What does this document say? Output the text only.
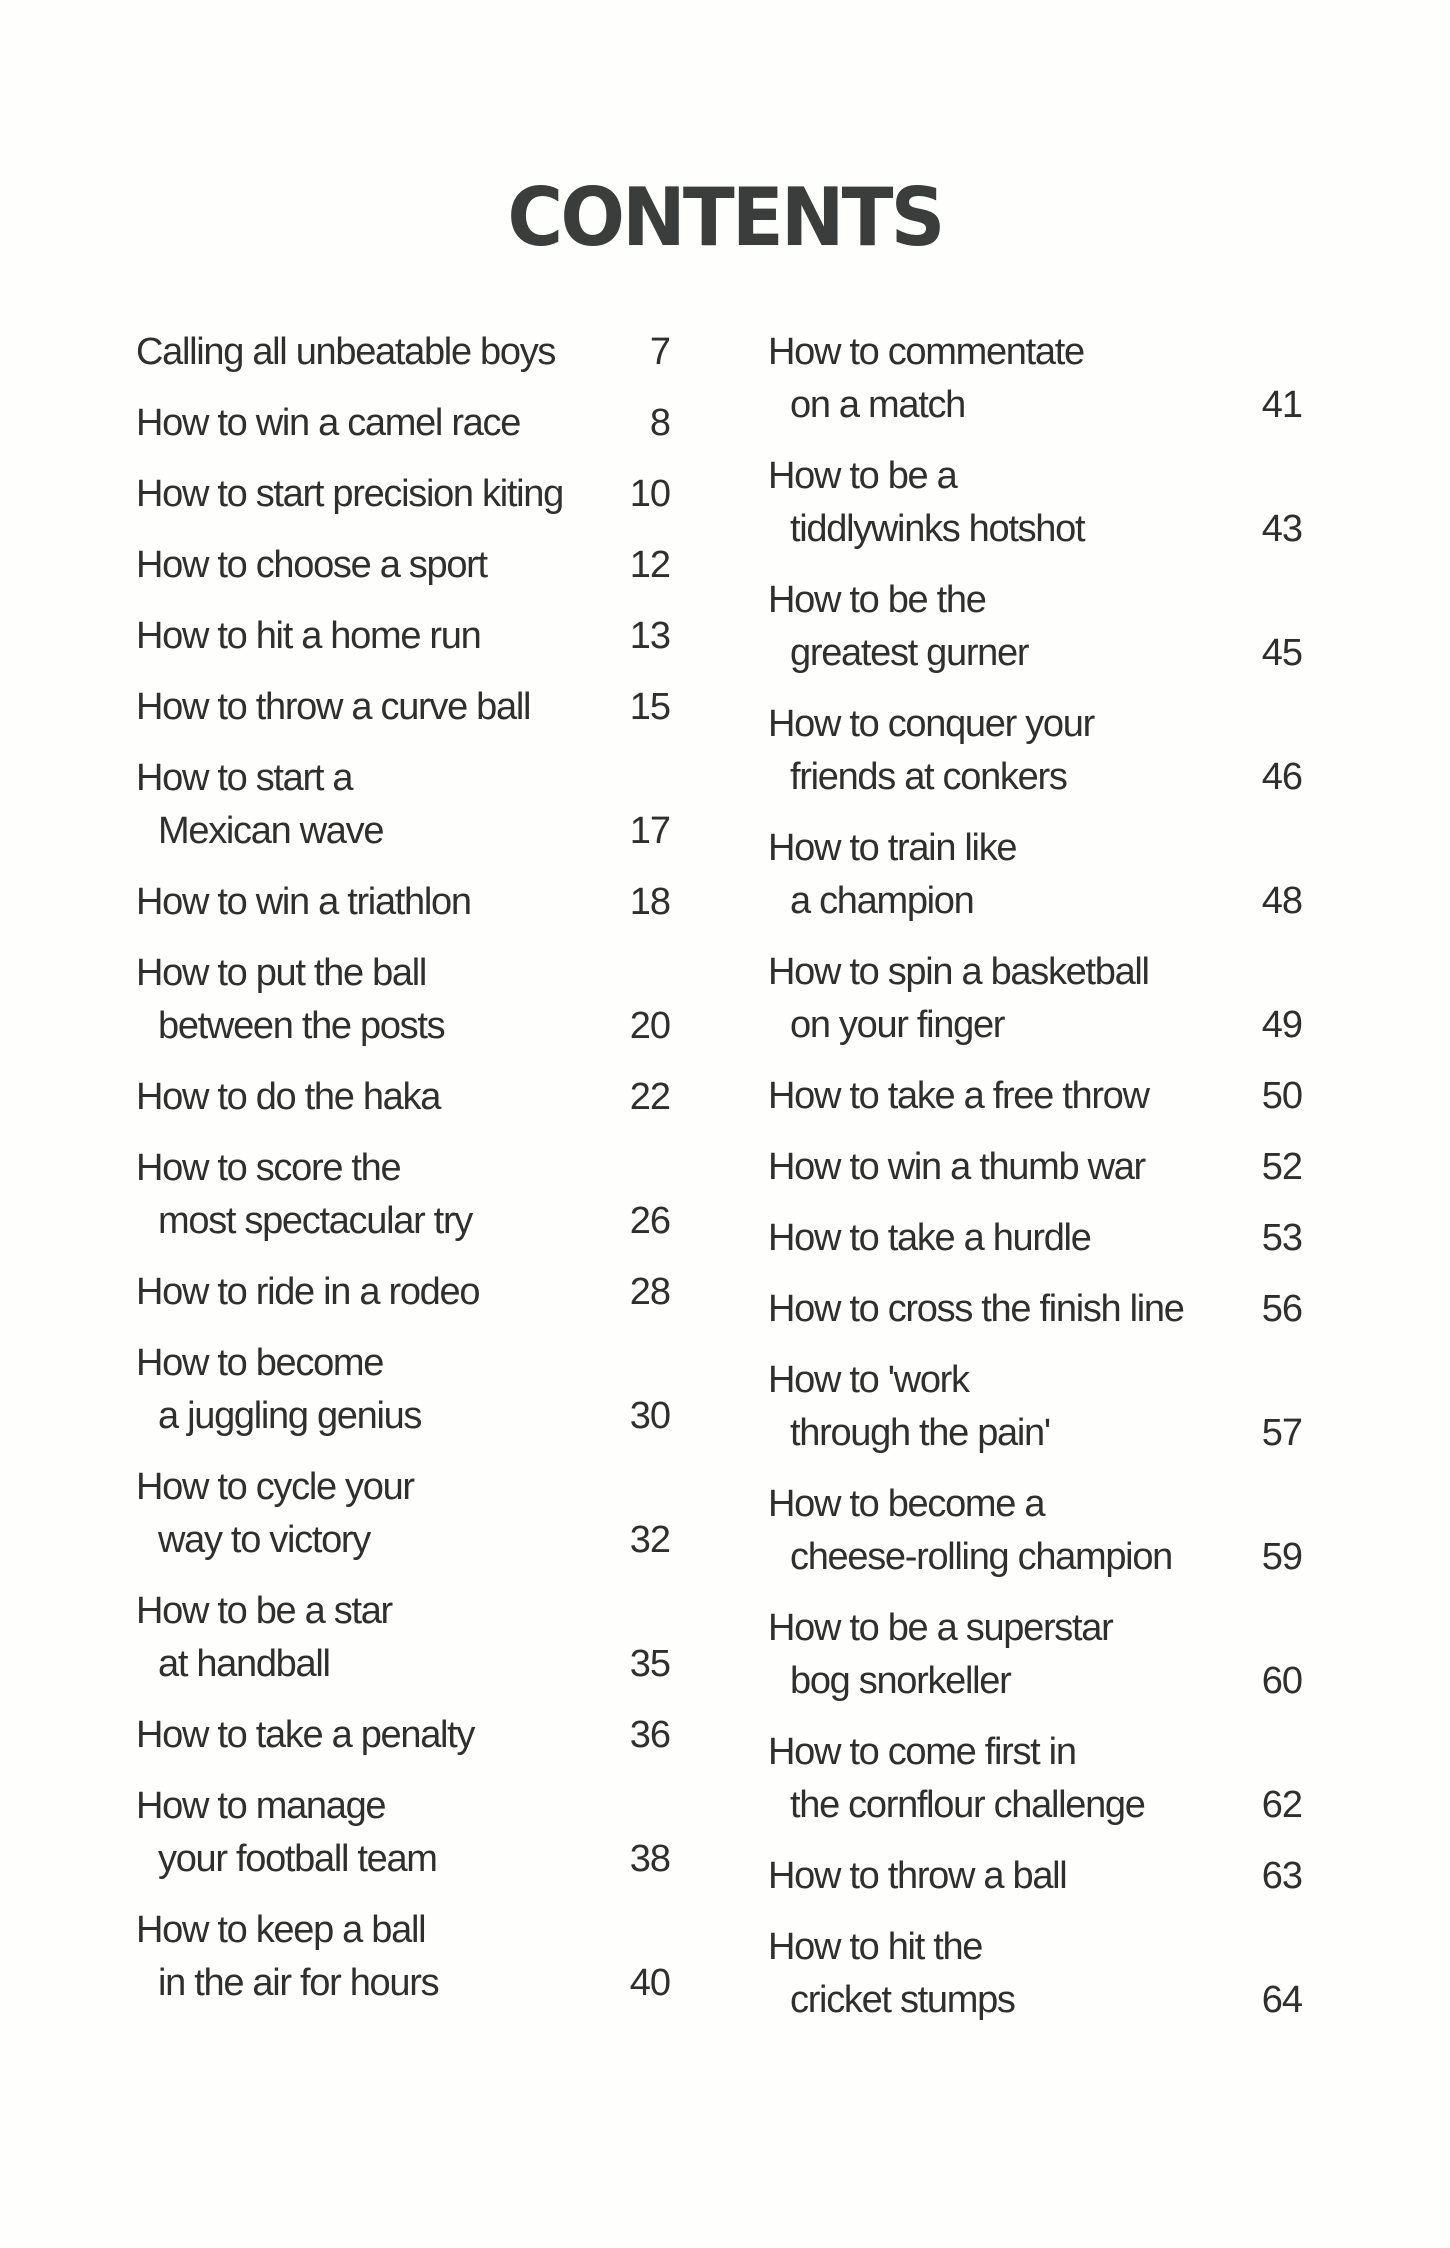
CONTENTS
Calling all unbeatable boys	7
How to win a camel race	8
How to start precision kiting	10
How to choose a sport	12
How to hit a home run	13
How to throw a curve ball	15
How to start a
Mexican wave	17
How to win a triathlon	18
How to put the ball
between the posts	20
How to do the haka	22
How to score the
most spectacular try	26
How to ride in a rodeo	28
How to become
a juggling genius	30
How to cycle your
way to victory	32
How to be a star
at handball	35
How to take a penalty	36
How to manage
your football team	38
How to keep a ball
in the air for hours	40
How to commentate
on a match	41
How to be a
tiddlywinks hotshot	43
How to be the
greatest gurner	45
How to conquer your
friends at conkers	46
How to train like
a champion	48
How to spin a basketball
on your finger	49
How to take a free throw	50
How to win a thumb war	52
How to take a hurdle	53
How to cross the finish line	56
How to 'work
through the pain'	57
How to become a
cheese-rolling champion	59
How to be a superstar
bog snorkeller	60
How to come first in
the cornflour challenge	62
How to throw a ball	63
How to hit the
cricket stumps	64
